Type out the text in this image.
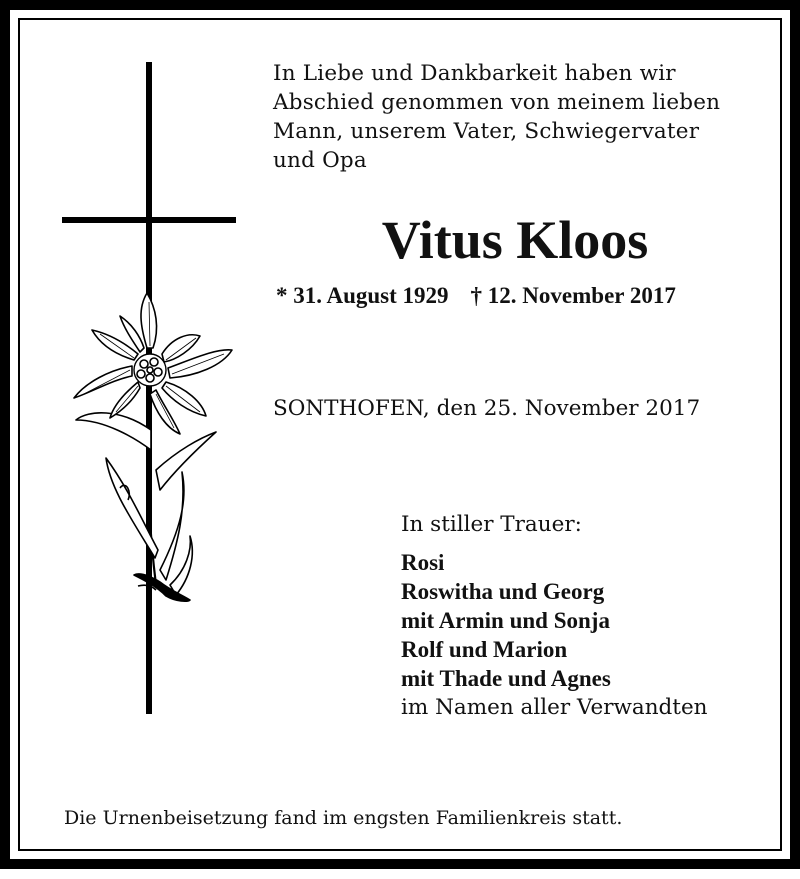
In Liebe und Dankbarkeit haben wir
Abschied genommen von meinem lieben
Mann, unserem Vater, Schwiegervater
und Opa

Vitus Kloos
* 31. August 1929 † 12. November 2017
SONTHOFEN, den 25. November 2017
In stiller Trauer:
Rosi
Roswitha und Georg
mit Armin und Sonja
Rolf und Marion
mit Thade und Agnes
im Namen aller Verwandten
Die Urnenbeisetzung fand im engsten Familienkreis statt.
